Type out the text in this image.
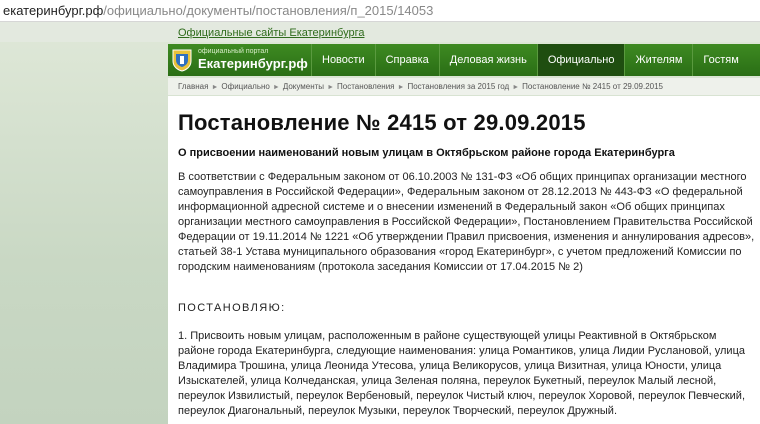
екатеринбург.рф/официально/документы/постановления/п_2015/14053
Официальные сайты Екатеринбурга
официальный портал
Екатеринбург.рф	Новости	Справка	Деловая жизнь	Официально	Жителям	Гостям
Главная ► Официально ► Документы ► Постановления ► Постановления за 2015 год ► Постановление № 2415 от 29.09.2015
Постановление № 2415 от 29.09.2015
О присвоении наименований новым улицам в Октябрьском районе города Екатеринбурга
В соответствии с Федеральным законом от 06.10.2003 № 131-ФЗ «Об общих принципах организации местного самоуправления в Российской Федерации», Федеральным законом от 28.12.2013 № 443-ФЗ «О федеральной информационной адресной системе и о внесении изменений в Федеральный закон «Об общих принципах организации местного самоуправления в Российской Федерации», Постановлением Правительства Российской Федерации от 19.11.2014 № 1221 «Об утверждении Правил присвоения, изменения и аннулирования адресов», статьей 38-1 Устава муниципального образования «город Екатеринбург», с учетом предложений Комиссии по городским наименованиям (протокола заседания Комиссии от 17.04.2015 № 2)
ПОСТАНОВЛЯЮ:
1. Присвоить новым улицам, расположенным в районе существующей улицы Реактивной в Октябрьском районе города Екатеринбурга, следующие наименования: улица Романтиков, улица Лидии Руслановой, улица Владимира Трошина, улица Леонида Утесова, улица Великорусов, улица Визитная, улица Юности, улица Изыскателей, улица Колчеданская, улица Зеленая поляна, переулок Букетный, переулок Малый лесной, переулок Извилистый, переулок Вербеновый, переулок Чистый ключ, переулок Хоровой, переулок Певческий, переулок Диагональный, переулок Музыки, переулок Творческий, переулок Дружный.
